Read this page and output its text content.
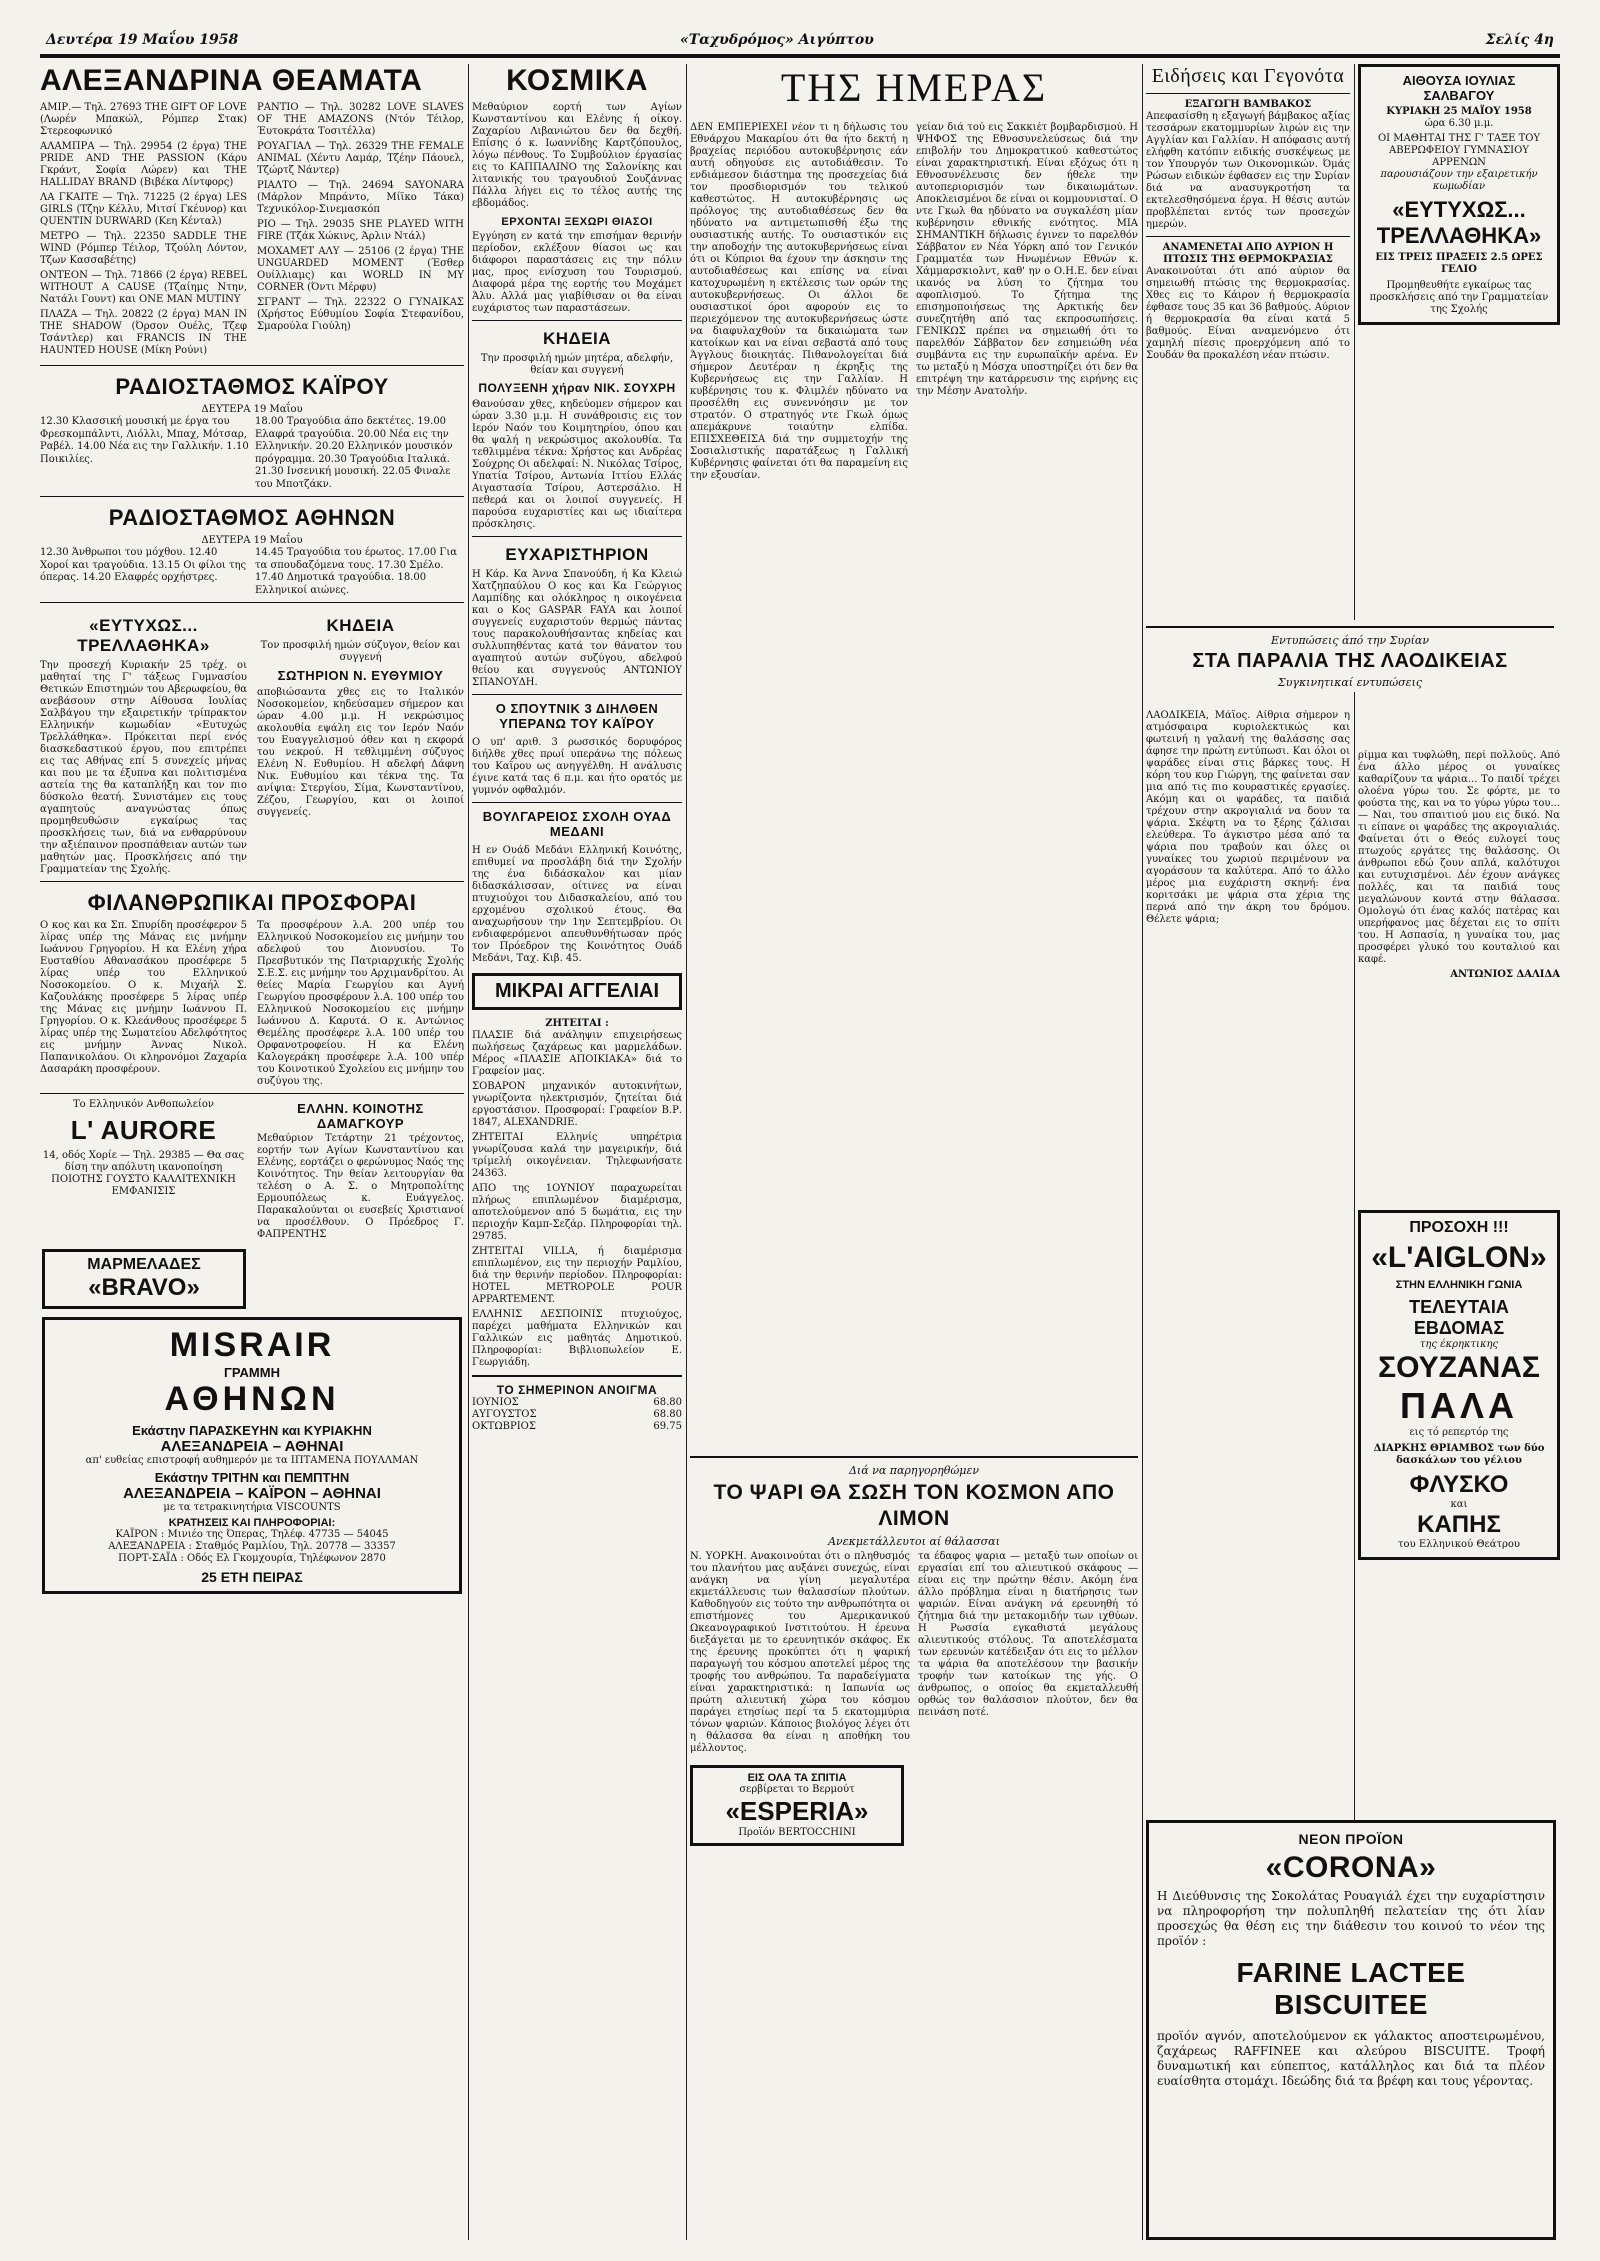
Δευτέρα 19 Μαΐου 1958	«Ταχυδρόμος» Αιγύπτου	Σελίς 4η
ΑΛΕΞΑΝΔΡΙΝΑ ΘΕΑΜΑΤΑ

ΑΜΙΡ.— Τηλ. 27693 THE GIFT OF LOVE (Λωρέν Μπακώλ, Ρόμπερ Στακ) Στερεοφωνικό

ΑΛΑΜΠΡΑ — Τηλ. 29954 (2 έργα) THE PRIDE AND THE PASSION (Κάρυ Γκράντ, Σοφία Λώρεν) και THE HALLIDAY BRAND (Βιβέκα Λίντφορς)

ΛΑ ΓΚΑΙΤΕ — Τηλ. 71225 (2 έργα) LES GIRLS (Τζην Κέλλυ, Μιτσί Γκέυνορ) και QUENTIN DURWARD (Κεη Κένταλ)

ΜΕΤΡΟ — Τηλ. 22350 SADDLE THE WIND (Ρόμπερ Τέιλορ, Τζούλη Λόντον, Τζων Κασσαβέτης)

ΟΝΤΕΟΝ — Τηλ. 71866 (2 έργα) REBEL WITHOUT A CAUSE (Τζαίημς Ντην, Νατάλι Γουντ) και ONE MAN MUTINY

ΠΛΑΖΑ — Τηλ. 20822 (2 έργα) MAN IN THE SHADOW (Όρσον Ουέλς, Τζεφ Τσάντλερ) και FRANCIS IN THE HAUNTED HOUSE (Μίκη Ρούνι)

ΡΑΝΤΙΟ — Τηλ. 30282 LOVE SLAVES OF THE AMAZONS (Ντόν Τέιλορ, Έυτοκράτα Τοσιτέλλα)

ΡΟΥΑΓΙΑΛ — Τηλ. 26329 THE FEMALE ANIMAL (Χέντυ Λαμάρ, Τζέην Πάουελ, Τζώρτζ Νάντερ)

ΡΙΑΛΤΟ — Τηλ. 24694 SAYONARA (Μάρλον Μπράντο, Μίϊκο Τάκα) Τεχνικόλορ-Σινεμασκόπ

ΡΙΟ — Τηλ. 29035 SHE PLAYED WITH FIRE (Τζάκ Χώκινς, Άρλιν Ντάλ)

ΜΟΧΑΜΕΤ ΑΛΥ — 25106 (2 έργα) THE UNGUARDED MOMENT (Έσθερ Ουίλλιαμς) και WORLD IN MY CORNER (Όντι Μέρφυ)

ΣΓΡΑΝΤ — Τηλ. 22322 Ο ΓΥΝΑΙΚΑΣ (Χρήστος Εύθυμίου Σοφία Στεφανίδου, Σμαρούλα Γιούλη)

ΡΑΔΙΟΣΤΑΘΜΟΣ ΚΑΪΡΟΥ
ΔΕΥΤΕΡΑ 19 Μαΐου
12.30 Κλασσική μουσική με έργα του Φρεσκομπάλντι, Λιόλλι, Μπαχ, Μότσαρ, Ραβέλ. 14.00 Νέα εις την Γαλλικήν. 1.10 Ποικιλίες.
18.00 Τραγούδια άπο δεκτέτες. 19.00 Ελαφρά τραγούδια. 20.00 Νέα εις την Ελληνικήν. 20.20 Ελληνικόν μουσικόν πρόγραμμα. 20.30 Τραγούδια Ιταλικά. 21.30 Ινσενική μουσική. 22.05 Φιναλε του Μποτζάκν.
ΡΑΔΙΟΣΤΑΘΜΟΣ ΑΘΗΝΩΝ
ΔΕΥΤΕΡΑ 19 Μαΐου
12.30 Άνθρωποι του μόχθου. 12.40 Χοροί και τραγούδια. 13.15 Οι φίλοι της όπερας. 14.20 Ελαφρές ορχήστρες.
14.45 Τραγούδια του έρωτος. 17.00 Για τα σπουδαζόμενα τους. 17.30 Σμέλο. 17.40 Δημοτικά τραγούδια. 18.00 Ελληνικοί αιώνες.
«ΕΥΤΥΧΩΣ... ΤΡΕΛΛΑΘΗΚΑ»
Την προσεχή Κυριακήν 25 τρέχ. οι μαθηταί της Γ' τάξεως Γυμνασίου Θετικών Επιστημών του Αβερωφείου, θα ανεβάσουν στην Αίθουσα Ιουλίας Σαλβάγου την εξαιρετικήν τρίπρακτον Ελληνικήν κωμωδίαν «Ευτυχώς Τρελλάθηκα». Πρόκειται περί ενός διασκεδαστικού έργου, που επιτρέπει εις τας Αθήνας επί 5 συνεχείς μήνας και που με τα έξυπνα και πολιτισμένα αστεία της θα καταπλήξη και τον πιο δύσκολο θεατή. Συνιστάμεν εις τους αγαπητούς αναγνώστας όπως προμηθευθώσιν εγκαίρως τας προσκλήσεις των, διά να ενθαρρύνουν την αξιέπαινον προσπάθειαν αυτών των μαθητών μας. Προσκλήσεις από την Γραμματείαν της Σχολής.
ΚΗΔΕΙΑ
Τον προσφιλή ημών σύζυγον, θείον και συγγενή
ΣΩΤΗΡΙΟΝ Ν. ΕΥΘΥΜΙΟΥ
αποβιώσαντα χθες εις το Ιταλικόν Νοσοκομείον, κηδεύσαμεν σήμερον και ώραν 4.00 μ.μ. Η νεκρώσιμος ακολουθία εψάλη εις τον Ιερόν Ναόν του Ευαγγελισμού όθεν και η εκφορά του νεκρού. Η τεθλιμμένη σύζυγος Ελένη Ν. Ευθυμίου. Η αδελφή Δάφνη Νικ. Ευθυμίου και τέκνα της. Τα ανίψια: Στεργίου, Σίμα, Κωνσταντίνου, Ζέζου, Γεωργίου, και οι λοιποί συγγενείς.
ΦΙΛΑΝΘΡΩΠΙΚΑΙ ΠΡΟΣΦΟΡΑΙ
Ο κος και κα Σπ. Σπυρίδη προσέφερον 5 λίρας υπέρ της Μάνας εις μνήμην Ιωάννου Γρηγορίου. Η κα Ελένη χήρα Ευσταθίου Αθανασάκου προσέφερε 5 λίρας υπέρ του Ελληνικού Νοσοκομείου. Ο κ. Μιχαήλ Σ. Καζουλάκης προσέφερε 5 λίρας υπέρ της Μάνας εις μνήμην Ιωάννου Π. Γρηγορίου. Ο κ. Κλεάνθους προσέφερε 5 λίρας υπέρ της Σωματείου Αδελφότητος εις μνήμην Άννας Νικολ. Παπανικολάου. Οι κληρονόμοι Ζαχαρία Δασαράκη προσφέρουν.
Τα προσφέρουν λ.Α. 200 υπέρ του Ελληνικού Νοσοκομείου εις μνήμην του αδελφού του Διονυσίου. Το Πρεσβυτικόν της Πατριαρχικής Σχολής Σ.Ε.Σ. εις μνήμην του Αρχιμανδρίτου. Αι θείες Μαρία Γεωργίου και Αγνή Γεωργίου προσφέρουν λ.Α. 100 υπέρ του Ελληνικού Νοσοκομείου εις μνήμην Ιωάννου Δ. Καρυτά. Ο κ. Αντώνιος Θεμέλης προσέφερε λ.Α. 100 υπέρ του Ορφανοτροφείου. Η κα Ελένη Καλογεράκη προσέφερε λ.Α. 100 υπέρ του Κοινοτικού Σχολείου εις μνήμην του συζύγου της.
Το Ελληνικόν Ανθοπωλείον
L' AURORE
14, οδός Χορίε — Τηλ. 29385 — Θα σας δίση την απόλυτη ικανοποίηση ΠΟΙΟΤΗΣ ΓΟΥΣΤΟ ΚΑΛΛΙΤΕΧΝΙΚΗ ΕΜΦΑΝΙΣΙΣ
ΕΛΛΗΝ. ΚΟΙΝΟΤΗΣ ΔΑΜΑΓΚΟΥΡ
Μεθαύριον Τετάρτην 21 τρέχοντος, εορτήν των Αγίων Κωνσταντίνου και Ελένης, εορτάζει ο φερώνυμος Ναός της Κοινότητος. Την θείαν λειτουργίαν θα τελέση ο Α. Σ. ο Μητροπολίτης Ερμουπόλεως κ. Ευάγγελος. Παρακαλούνται οι ευσεβείς Χριστιανοί να προσέλθουν. Ο Πρόεδρος Γ. ΦΑΠΡΕΝΤΗΣ
ΜΑΡΜΕΛΑΔΕΣ
«BRAVO»
MISRAIR
ΓΡΑΜΜΗ
ΑΘΗΝΩΝ
Εκάστην ΠΑΡΑΣΚΕΥΗΝ και ΚΥΡΙΑΚΗΝ
ΑΛΕΞΑΝΔΡΕΙΑ – ΑΘΗΝΑΙ
απ' ευθείας επιστροφή αυθημερόν με τα ΙΠΤΑΜΕΝΑ ΠΟΥΛΛΜΑΝ
Εκάστην ΤΡΙΤΗΝ και ΠΕΜΠΤΗΝ
ΑΛΕΞΑΝΔΡΕΙΑ – ΚΑΪΡΟΝ – ΑΘΗΝΑΙ
με τα τετρακινητήρια VISCOUNTS
ΚΡΑΤΗΣΕΙΣ ΚΑΙ ΠΛΗΡΟΦΟΡΙΑΙ:
ΚΑΪΡΟΝ : Μινιέο της Όπερας, Τηλέφ. 47735 — 54045
ΑΛΕΞΑΝΔΡΕΙΑ : Σταθμός Ραμλίου, Τηλ. 20778 — 33357
ΠΟΡΤ-ΣΑΪΔ : Οδός Ελ Γκομχουρία, Τηλέφωνον 2870
25 ΕΤΗ ΠΕΙΡΑΣ
ΚΟΣΜΙΚΑ
Μεθαύριον εορτή των Αγίων Κωνσταντίνου και Ελένης ή οίκογ. Ζαχαρίου Λιβανιώτου δεν θα δεχθή. Επίσης ό κ. Ιωαννίδης Καρτζόπουλος, λόγω πένθους. Το Συμβούλιον έργασίας εις το ΚΑΠΠΑΛΙΝΟ της Σαλονίκης και λιτανικής του τραγουδιού Σουζάννας Πάλλα λήγει εις το τέλος αυτής της εβδομάδος.
ΕΡΧΟΝΤΑΙ ΞΕΧΩΡΙ ΘΙΑΣΟΙ
Εγγύηση εν κατά την επισήμαν θερινήν περίοδον, εκλέξουν θίασοι ως και διάφοροι παραστάσεις εις την πόλιν μας, προς ενίσχυση του Τουρισμού. Διαφορά μέρα της εορτής του Μοχάμετ Άλυ. Αλλά μας γιαβίθισαν οι θα είναι ευχάριστος των παραστάσεων.
ΚΗΔΕΙΑ
Την προσφιλή ημών μητέρα, αδελφήν, θείαν και συγγενή
ΠΟΛΥΞΕΝΗ χήραν ΝΙΚ. ΣΟΥΧΡΗ
Θανούσαν χθες, κηδεύομεν σήμερον και ώραν 3.30 μ.μ. Η συνάθροισις εις τον Ιερόν Ναόν του Κοιμητηρίου, όπου και θα ψαλή η νεκρώσιμος ακολουθία. Τα τεθλιμμένα τέκνα: Χρήστος και Ανδρέας Σούχρης Οι αδελφαί: Ν. Νικόλας Τσίρος, Υπατία Τσίρου, Αντωνία Ιττίου Ελλάς Αιγαστασία Τσίρου, Αστερσάλιο. Η πεθερά και οι λοιποί συγγενείς. Η παρούσα ευχαριστίες και ως ιδιαίτερα πρόσκλησις.
ΕΥΧΑΡΙΣΤΗΡΙΟΝ
Η Κάρ. Κα Άννα Σπανούδη, ή Κα Κλειώ Χατζηπαύλου Ο κος και Κα Γεώργιος Λαμπίδης και ολόκληρος η οικογένεια και ο Κος GASPAR FAYA και λοιποί συγγενείς ευχαριστούν θερμώς πάντας τους παρακολουθήσαντας κηδείας και συλλυπηθέντας κατά τον θάνατον του αγαπητού αυτών συζύγου, αδελφού θείου και συγγενούς ΑΝΤΩΝΙΟΥ ΣΠΑΝΟΥΔΗ.
Ο ΣΠΟΥΤΝΙΚ 3 ΔΙΗΛΘΕΝ ΥΠΕΡΑΝΩ ΤΟΥ ΚΑΪΡΟΥ
Ο υπ' αριθ. 3 ρωσσικός δορυφόρος διήλθε χθες πρωί υπεράνω της πόλεως του Καΐρου ως ανηγγέλθη. Η ανάλυσις έγινε κατά τας 6 π.μ. και ήτο ορατός με γυμνόν οφθαλμόν.
ΒΟΥΛΓΑΡΕΙΟΣ ΣΧΟΛΗ ΟΥΑΔ ΜΕΔΑΝΙ
Η εν Ουάδ Μεδάνι Ελληνική Κοινότης, επιθυμεί να προσλάβη διά την Σχολήν της ένα διδάσκαλον και μίαν διδασκάλισσαν, οίτινες να είναι πτυχιούχοι του Διδασκαλείου, από του ερχομένου σχολικού έτους. Θα αναχωρήσουν την 1ην Σεπτεμβρίου. Οι ενδιαφερόμενοι απευθυνθήτωσαν πρός τον Πρόεδρον της Κοινότητος Ουάδ Μεδάνι, Ταχ. Κιβ. 45.
ΜΙΚΡΑΙ ΑΓΓΕΛΙΑΙ
ΖΗΤΕΙΤΑΙ :

ΠΛΑΣΙΕ διά ανάληψιν επιχειρήσεως πωλήσεως ζαχάρεως και μαρμελάδων. Μέρος «ΠΛΑΣΙΕ ΑΠΟΙΚΙΑΚΑ» διά το Γραφείον μας.

ΣΟΒΑΡΟΝ μηχανικόν αυτοκινήτων, γνωρίζοντα ηλεκτρισμόν, ζητείται διά εργοστάσιον. Προσφοραί: Γραφείον Β.Ρ. 1847, ALEXANDRIE.

ΖΗΤΕΙΤΑΙ Ελληνίς υπηρέτρια γνωρίζουσα καλά την μαγειρικήν, διά τρίμελή οικογένειαν. Τηλεφωνήσατε 24363.

ΑΠΟ της 1ΟΥΝΙΟΥ παραχωρείται πλήρως επιπλωμένον διαμέρισμα, αποτελούμενον από 5 δωμάτια, εις την περιοχήν Καμπ-Σεζάρ. Πληροφορίαι τηλ. 29785.

ΖΗΤΕΙΤΑΙ VILLA, ή διαμέρισμα επιπλωμένον, εις την περιοχήν Ραμλίου, διά την θερινήν περίοδον. Πληροφορίαι: HOTEL METROPOLE POUR APPARTEMENT.

ΕΛΛΗΝΙΣ ΔΕΣΠΟΙΝΙΣ πτυχιούχος, παρέχει μαθήματα Ελληνικών και Γαλλικών εις μαθητάς Δημοτικού. Πληροφορίαι: Βιβλιοπωλείον Ε. Γεωργιάδη.

ΤΟ ΣΗΜΕΡΙΝΟΝ ΑΝΟΙΓΜΑ
ΙΟΥΝΙΟΣ	68.80
ΑΥΓΟΥΣΤΟΣ	68.80
ΟΚΤΩΒΡΙΟΣ	69.75
ΔΕΝ ΕΜΠΕΡΙΕΧΕΙ νέον τι η δήλωσις του Εθνάρχου Μακαρίου ότι θα ήτο δεκτή η βραχείας περιόδου αυτοκυβέρνησις εάν αυτή οδηγούσε εις αυτοδιάθεσιν. Το ενδιάμεσον διάστημα της προσεχείας διά τον προσδιορισμόν του τελικού καθεστώτος. Η αυτοκυβέρνησις ως πρόλογος της αυτοδιαθέσεως δεν θα ηδύνατο να αντιμετωπισθή έξω της ουσιαστικής αυτής. Το ουσιαστικόν εις την αποδοχήν της αυτοκυβερνήσεως είναι ότι οι Κύπριοι θα έχουν την άσκησιν της αυτοδιαθέσεως και επίσης να είναι κατοχυρωμένη η εκτέλεσις των ορών της αυτοκυβερνήσεως. Οι άλλοι δε ουσιαστικοί όροι αφορούν εις το περιεχόμενον της αυτοκυβερνήσεως ώστε να διαφυλαχθούν τα δικαιώματα των κατοίκων και να είναι σεβαστά από τους Άγγλους διοικητάς. Πιθανολογείται διά σήμερον Δευτέραν η έκρηξις της Κυβερνήσεως εις την Γαλλίαν. Η κυβέρνησις του κ. Φλιμλέν ηδύνατο να προσέλθη εις συνεννόησιν με τον στρατόν. Ο στρατηγός ντε Γκωλ όμως απεμάκρυνε τοιαύτην ελπίδα. ΕΠΙΣΧΕΘΕΙΣΑ διά την συμμετοχήν της Σοσιαλιστικής παρατάξεως η Γαλλική Κυβέρνησις φαίνεται ότι θα παραμείνη εις την εξουσίαν.
γείαν διά τού εις Σακκιέτ βομβαρδισμού. Η ΨΗΦΟΣ της Εθνοσυνελεύσεως διά την επιβολήν του Δημοκρατικού καθεστώτος είναι χαρακτηριστική. Είναι εξόχως ότι η Εθνοσυνέλευσις δεν ήθελε την αυτοπεριορισμόν των δικαιωμάτων. Αποκλεισμένοι δε είναι οι κομμουνισταί. Ο ντε Γκωλ θα ηδύνατο να συγκαλέση μίαν κυβέρνησιν εθνικής ενότητος. ΜΙΑ ΣΗΜΑΝΤΙΚΗ δήλωσις έγινεν το παρελθόν Σάββατον εν Νέα Υόρκη από τον Γενικόν Γραμματέα των Ηνωμένων Εθνών κ. Χάμμαρσκιολντ, καθ' ην ο Ο.Η.Ε. δεν είναι ικανός να λύση το ζήτημα του αφοπλισμού. Το ζήτημα της επισημοποιήσεως της Αρκτικής δεν συνεζητήθη από τας εκπροσωπήσεις. ΓΕΝΙΚΩΣ πρέπει να σημειωθή ότι το παρελθόν Σάββατον δεν εσημειώθη νέα συμβάντα εις την ευρωπαϊκήν αρένα. Εν τω μεταξύ η Μόσχα υποστηρίζει ότι δεν θα επιτρέψη την κατάρρευσιν της ειρήνης εις την Μέσην Ανατολήν.
ΤΗΣ ΗΜΕΡΑΣ
Διά να παρηγορηθώμεν
ΤΟ ΨΑΡΙ ΘΑ ΣΩΣΗ ΤΟΝ ΚΟΣΜΟΝ ΑΠΟ ΛΙΜΟΝ
Ανεκμετάλλευτοι αί θάλασσαι
Ν. ΥΟΡΚΗ. Ανακοινούται ότι ο πληθυσμός του πλανήτου μας αυξάνει συνεχώς, είναι ανάγκη να γίνη μεγαλυτέρα εκμετάλλευσις των θαλασσίων πλούτων. Καθοδηγούν εις τούτο την ανθρωπότητα οι επιστήμονες του Αμερικανικού Ωκεανογραφικού Ινστιτούτου. Η έρευνα διεξάγεται με το ερευνητικόν σκάφος. Εκ της έρευνης προκύπτει ότι η ψαρική παραγωγή του κόσμου αποτελεί μέρος της τροφής του ανθρώπου. Τα παραδείγματα είναι χαρακτηριστικά: η Ιαπωνία ως πρώτη αλιευτική χώρα του κόσμου παράγει ετησίως περί τα 5 εκατομμύρια τόνων ψαριών. Κάποιος βιολόγος λέγει ότι η θάλασσα θα είναι η αποθήκη του μέλλοντος.
τα έδαφος ψαρια — μεταξύ των οποίων οι εργασίαι επί του αλιευτικού σκάφους — είναι εις την πρώτην θέσιν. Ακόμη ένα άλλο πρόβλημα είναι η διατήρησις των ψαριών. Είναι ανάγκη νά ερευνηθή τό ζήτημα διά την μετακομιδήν των ιχθύων. Η Ρωσσία εγκαθιστά μεγάλους αλιευτικούς στόλους. Τα αποτελέσματα των ερευνών κατέδειξαν ότι εις το μέλλον τα ψάρια θα αποτελέσουν την βασικήν τροφήν των κατοίκων της γής. Ο άνθρωπος, ο οποίος θα εκμεταλλευθή ορθώς τον θαλάσσιον πλούτον, δεν θα πεινάση ποτέ.
ΕΙΣ ΟΛΑ ΤΑ ΣΠΙΤΙΑ
σερβίρεται το Βερμούτ
«ESPERIA»
Προϊόν BERTOCCHINI
Ειδήσεις και Γεγονότα
ΕΞΑΓΩΓΗ ΒΑΜΒΑΚΟΣ
Απεφασίσθη η εξαγωγή βάμβακος αξίας τεσσάρων εκατομμυρίων λιρών εις την Αγγλίαν και Γαλλίαν. Η απόφασις αυτή ελήφθη κατόπιν ειδικής συσκέψεως με τον Υπουργόν των Οικονομικών. Όμάς Ρώσων ειδικών έφθασεν εις την Συρίαν διά να ανασυγκροτήση τα εκτελεσθησόμενα έργα. Η θέσις αυτών προβλέπεται εντός των προσεχών ημερών.
ΑΝΑΜΕΝΕΤΑΙ ΑΠΟ ΑΥΡΙΟΝ Η ΠΤΩΣΙΣ ΤΗΣ ΘΕΡΜΟΚΡΑΣΙΑΣ
Ανακοινούται ότι από αύριον θα σημειωθή πτώσις της θερμοκρασίας. Χθες εις το Κάιρον ή θερμοκρασία έφθασε τους 35 και 36 βαθμούς. Αύριον ή θερμοκρασία θα είναι κατά 5 βαθμούς. Είναι αναμενόμενο ότι χαμηλή πίεσις προερχόμενη από το Σουδάν θα προκαλέση νέαν πτώσιν.
Εντυπώσεις άπό την Συρίαν
ΣΤΑ ΠΑΡΑΛΙΑ ΤΗΣ ΛΑΟΔΙΚΕΙΑΣ
Συγκινητικαί εντυπώσεις
ΛΑΟΔΙΚΕΙΑ, Μάϊος. Αίθρια σήμερον η ατμόσφαιρα κυριολεκτικώς και φωτεινή η γαλανή της θαλάσσης σας άφησε την πρώτη εντύπωσι. Και όλοι οι ψαράδες είναι στις βάρκες τους. Η κόρη του κυρ Γιώργη, της φαίνεται σαν μια από τις πιο κουραστικές εργασίες. Ακόμη και οι ψαράδες, τα παιδιά τρέχουν στην ακρογιαλιά να δουν τα ψάρια. Σκέφτη να το ξέρης ζάλισαι ελεύθερα. Το άγκιστρο μέσα από τα ψάρια που τραβούν και όλες οι γυναίκες του χωριού περιμένουν να αγοράσουν τα καλύτερα. Από το άλλο μέρος μια ευχάριστη σκηνή: ένα κοριτσάκι με ψάρια στα χέρια της περνά από την άκρη του δρόμου. Θέλετε ψάρια;
ΑΙΘΟΥΣΑ ΙΟΥΛΙΑΣ ΣΑΛΒΑΓΟΥ
ΚΥΡΙΑΚΗ 25 ΜΑΪΟΥ 1958
ώρα 6.30 μ.μ.
ΟΙ ΜΑΘΗΤΑΙ ΤΗΣ Γ' ΤΑΞΕ ΤΟΥ ΑΒΕΡΩΦΕΙΟΥ ΓΥΜΝΑΣΙΟΥ ΑΡΡΕΝΩΝ
παρουσιάζουν την εξαιρετικήν κωμωδίαν
«ΕΥΤΥΧΩΣ...
ΤΡΕΛΛΑΘΗΚΑ»
ΕΙΣ ΤΡΕΙΣ ΠΡΑΞΕΙΣ 2.5 ΩΡΕΣ ΓΕΛΙΟ
Προμηθευθήτε εγκαίρως τας προσκλήσεις από την Γραμματείαν της Σχολής
ρίμμα και τυφλώθη, περί πολλούς. Από ένα άλλο μέρος οι γυναίκες καθαρίζουν τα ψάρια... Το παιδί τρέχει ολοένα γύρω του. Σε φόρτε, με το φούστα της, και να το γύρω γύρω του... — Ναι, του σπαιτιού μου εις δικό. Να τι είπανε οι ψαράδες της ακρογιαλιάς. Φαίνεται ότι ο Θεός ευλογεί τους πτωχούς εργάτες της θαλάσσης. Οι άνθρωποι εδώ ζουν απλά, καλότυχοι και ευτυχισμένοι. Δέν έχουν ανάγκες πολλές, και τα παιδιά τους μεγαλώνουν κοντά στην θάλασσα. Ομολογώ ότι ένας καλός πατέρας και υπερήφανος μας δέχεται εις το σπίτι του. Η Ασπασία, η γυναίκα του, μας προσφέρει γλυκό του κουταλιού και καφέ.
ΑΝΤΩΝΙΟΣ ΔΑΛΙΔΑ
ΠΡΟΣΟΧΗ !!!
«L'AIGLON»
ΣΤΗΝ ΕΛΛΗΝΙΚΗ ΓΩΝΙΑ
ΤΕΛΕΥΤΑΙΑ ΕΒΔΟΜΑΣ
της έκρηκτικης
ΣΟΥΖΑΝΑΣ
ΠΑΛΑ
εις τό ρεπερτόρ της
ΔΙΑΡΚΗΣ ΘΡΙΑΜΒΟΣ των δύο δασκάλων του γέλιου
ΦΛΥΣΚΟ
και
ΚΑΠΗΣ
του Ελληνικού Θεάτρου
ΝΕΟΝ ΠΡΟΪΟΝ
«CORONA»
Η Διεύθυνσις της Σοκολάτας Ρουαγιάλ έχει την ευχαρίστησιν να πληροφορήση την πολυπληθή πελατείαν της ότι λίαν προσεχώς θα θέση εις την διάθεσιν του κοινού το νέον της προϊόν :
FARINE LACTEE
BISCUITEE
προϊόν αγνόν, αποτελούμενον εκ γάλακτος αποστειρωμένου, ζαχάρεως RAFFINEE και αλεύρου BISCUITE. Τροφή δυναμωτική και εύπεπτος, κατάλληλος και διά τα πλέον ευαίσθητα στομάχι. Ιδεώδης διά τα βρέφη και τους γέροντας.
